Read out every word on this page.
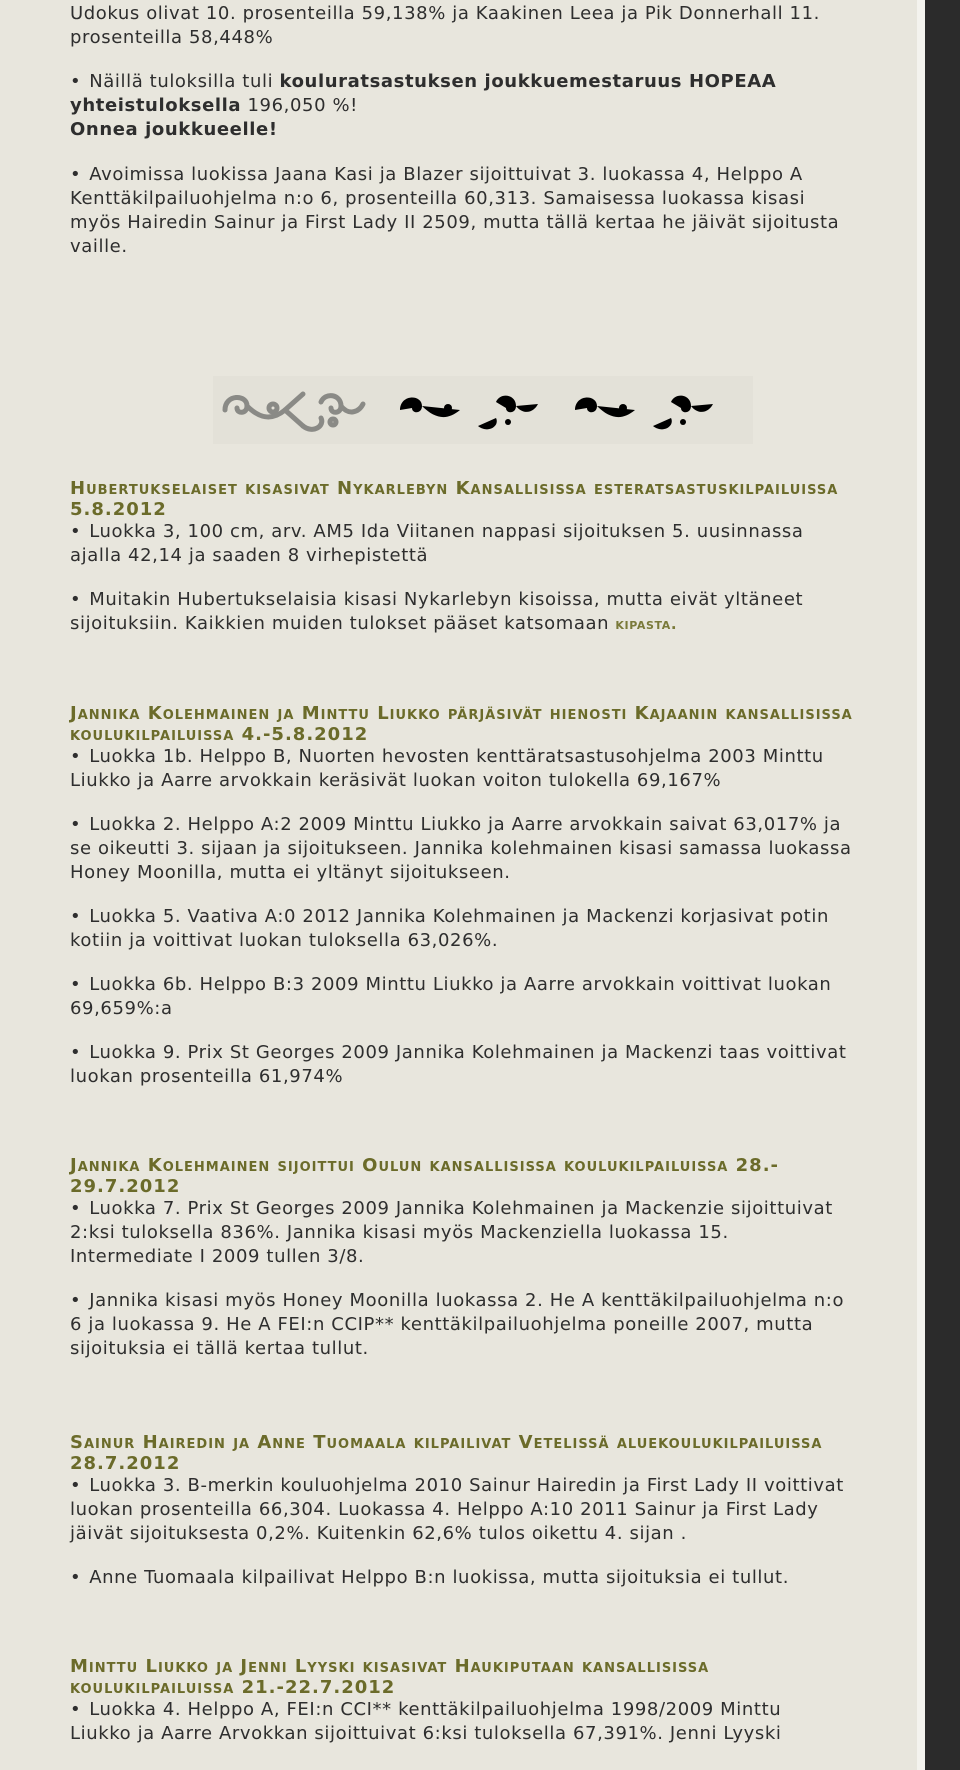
Udokus olivat 10. prosenteilla 59,138% ja Kaakinen Leea ja Pik Donnerhall 11.
prosenteilla 58,448%

• Näillä tuloksilla tuli kouluratsastuksen joukkuemestaruus HOPEAA
yhteistuloksella 196,050 %!
Onnea joukkueelle!

• Avoimissa luokissa Jaana Kasi ja Blazer sijoittuivat 3. luokassa 4, Helppo A
Kenttäkilpailuohjelma n:o 6, prosenteilla 60,313. Samaisessa luokassa kisasi
myös Hairedin Sainur ja First Lady II 2509, mutta tällä kertaa he jäivät sijoitusta
vaille.

Hubertukselaiset kisasivat Nykarlebyn Kansallisissa esteratsastuskilpailuissa
5.8.2012

• Luokka 3, 100 cm, arv. AM5 Ida Viitanen nappasi sijoituksen 5. uusinnassa
ajalla 42,14 ja saaden 8 virhepistettä

• Muitakin Hubertukselaisia kisasi Nykarlebyn kisoissa, mutta eivät yltäneet
sijoituksiin. Kaikkien muiden tulokset pääset katsomaan kipasta.

Jannika Kolehmainen ja Minttu Liukko pärjäsivät hienosti Kajaanin kansallisissa
koulukilpailuissa 4.-5.8.2012

• Luokka 1b. Helppo B, Nuorten hevosten kenttäratsastusohjelma 2003 Minttu
Liukko ja Aarre arvokkain keräsivät luokan voiton tulokella 69,167%

• Luokka 2. Helppo A:2 2009 Minttu Liukko ja Aarre arvokkain saivat 63,017% ja
se oikeutti 3. sijaan ja sijoitukseen. Jannika kolehmainen kisasi samassa luokassa
Honey Moonilla, mutta ei yltänyt sijoitukseen.

• Luokka 5. Vaativa A:0 2012 Jannika Kolehmainen ja Mackenzi korjasivat potin
kotiin ja voittivat luokan tuloksella 63,026%.

• Luokka 6b. Helppo B:3 2009 Minttu Liukko ja Aarre arvokkain voittivat luokan
69,659%:a

• Luokka 9. Prix St Georges 2009 Jannika Kolehmainen ja Mackenzi taas voittivat
luokan prosenteilla 61,974%

Jannika Kolehmainen sijoittui Oulun kansallisissa koulukilpailuissa 28.-
29.7.2012

• Luokka 7. Prix St Georges 2009 Jannika Kolehmainen ja Mackenzie sijoittuivat
2:ksi tuloksella 836%. Jannika kisasi myös Mackenziella luokassa 15.
Intermediate I 2009 tullen 3/8.

• Jannika kisasi myös Honey Moonilla luokassa 2. He A kenttäkilpailuohjelma n:o
6 ja luokassa 9. He A FEI:n CCIP** kenttäkilpailuohjelma poneille 2007, mutta
sijoituksia ei tällä kertaa tullut.

Sainur Hairedin ja Anne Tuomaala kilpailivat Vetelissä aluekoulukilpailuissa
28.7.2012

• Luokka 3. B-merkin kouluohjelma 2010 Sainur Hairedin ja First Lady II voittivat
luokan prosenteilla 66,304. Luokassa 4. Helppo A:10 2011 Sainur ja First Lady
jäivät sijoituksesta 0,2%. Kuitenkin 62,6% tulos oikettu 4. sijan .

• Anne Tuomaala kilpailivat Helppo B:n luokissa, mutta sijoituksia ei tullut.

Minttu Liukko ja Jenni Lyyski kisasivat Haukiputaan kansallisissa
koulukilpailuissa 21.-22.7.2012

• Luokka 4. Helppo A, FEI:n CCI** kenttäkilpailuohjelma 1998/2009 Minttu
Liukko ja Aarre Arvokkan sijoittuivat 6:ksi tuloksella 67,391%. Jenni Lyyski
